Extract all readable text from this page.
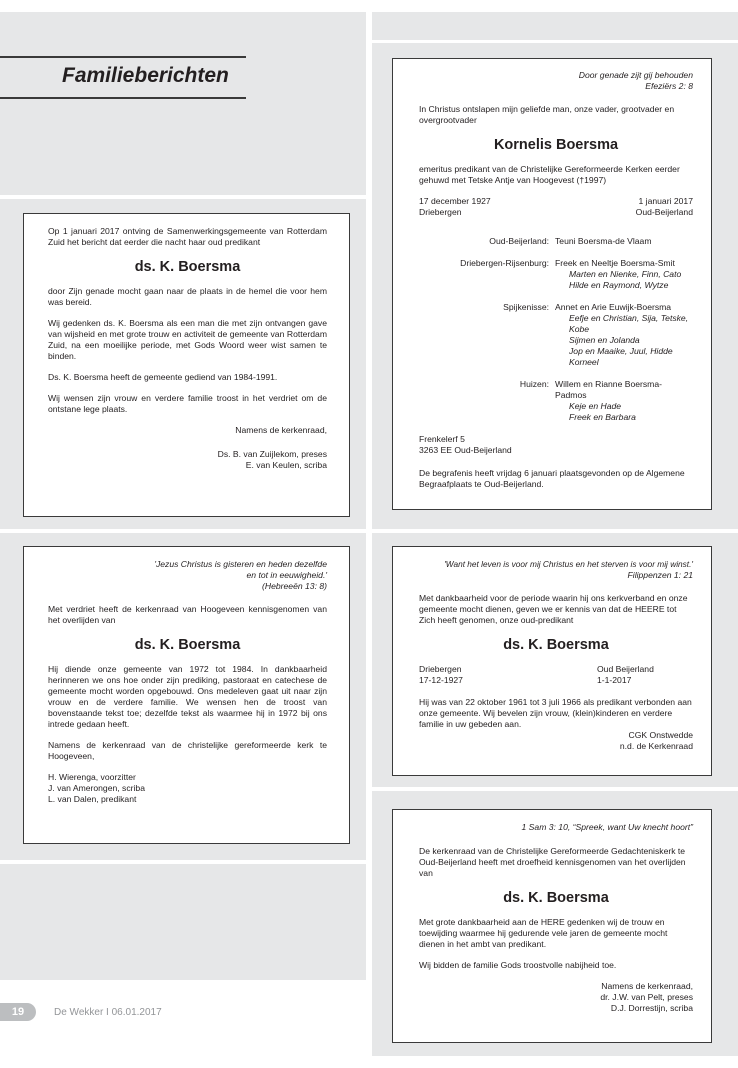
Familieberichten

Op 1 januari 2017 ontving de Samenwerkingsgemeente van Rotterdam Zuid het bericht dat eerder die nacht haar oud predikant

ds. K. Boersma

door Zijn genade mocht gaan naar de plaats in de hemel die voor hem was bereid.

Wij gedenken ds. K. Boersma als een man die met zijn ontvangen gave van wijsheid en met grote trouw en activiteit de gemeente van Rotterdam Zuid, na een moeilijke periode, met Gods Woord weer wist samen te binden.

Ds. K. Boersma heeft de gemeente gediend van 1984-1991.

Wij wensen zijn vrouw en verdere familie troost in het verdriet om de ontstane lege plaats.

Namens de kerkenraad,

Ds. B. van Zuijlekom, preses
E. van Keulen, scriba
Door genade zijt gij behouden
Efeziërs 2: 8

In Christus ontslapen mijn geliefde man, onze vader, grootvader en overgrootvader

Kornelis Boersma

emeritus predikant van de Christelijke Gereformeerde Kerken eerder gehuwd met Tetske Antje van Hoogevest (†1997)

17 december 1927	1 januari 2017
Driebergen	Oud-Beijerland
Oud-Beijerland: Teuni Boersma-de Vlaam
Driebergen-Rijsenburg: Freek en Neeltje Boersma-Smit
Marten en Nienke, Finn, Cato
Hilde en Raymond, Wytze
Spijkenisse: Annet en Arie Euwijk-Boersma
Eefje en Christian, Sija, Tetske,
Kobe
Sijmen en Jolanda
Jop en Maaike, Juul, Hidde
Korneel
Huizen: Willem en Rianne Boersma-Padmos
Keje en Hade
Freek en Barbara
Frenkelerf 5
3263 EE Oud-Beijerland

De begrafenis heeft vrijdag 6 januari plaatsgevonden op de Algemene Begraafplaats te Oud-Beijerland.

'Jezus Christus is gisteren en heden dezelfde
en tot in eeuwigheid.'
(Hebreeën 13: 8)

Met verdriet heeft de kerkenraad van Hoogeveen kennisgenomen van het overlijden van

ds. K. Boersma

Hij diende onze gemeente van 1972 tot 1984. In dankbaarheid herinneren we ons hoe onder zijn prediking, pastoraat en catechese de gemeente mocht worden opgebouwd. Ons medeleven gaat uit naar zijn vrouw en de verdere familie. We wensen hen de troost van bovenstaande tekst toe; dezelfde tekst als waarmee hij in 1972 bij ons intrede gedaan heeft.

Namens de kerkenraad van de christelijke gereformeerde kerk te Hoogeveen,

H. Wierenga, voorzitter
J. van Amerongen, scriba
L. van Dalen, predikant
'Want het leven is voor mij Christus en het sterven is voor mij winst.'
Filippenzen 1: 21

Met dankbaarheid voor de periode waarin hij ons kerkverband en onze gemeente mocht dienen, geven we er kennis van dat de HEERE tot Zich heeft genomen, onze oud-predikant

ds. K. Boersma
Driebergen	Oud Beijerland
17-12-1927	1-1-2017

Hij was van 22 oktober 1961 tot 3 juli 1966 als predikant verbonden aan onze gemeente. Wij bevelen zijn vrouw, (klein)kinderen en verdere familie in uw gebeden aan.

CGK Onstwedde
n.d. de Kerkenraad
1 Sam 3: 10, “Spreek, want Uw knecht hoort”

De kerkenraad van de Christelijke Gereformeerde Gedachteniskerk te Oud-Beijerland heeft met droefheid kennisgenomen van het overlijden van

ds. K. Boersma

Met grote dankbaarheid aan de HERE gedenken wij de trouw en toewijding waarmee hij gedurende vele jaren de gemeente mocht dienen in het ambt van predikant.

Wij bidden de familie Gods troostvolle nabijheid toe.

Namens de kerkenraad,
dr. J.W. van Pelt, preses
D.J. Dorrestijn, scriba
19	De Wekker I 06.01.2017
